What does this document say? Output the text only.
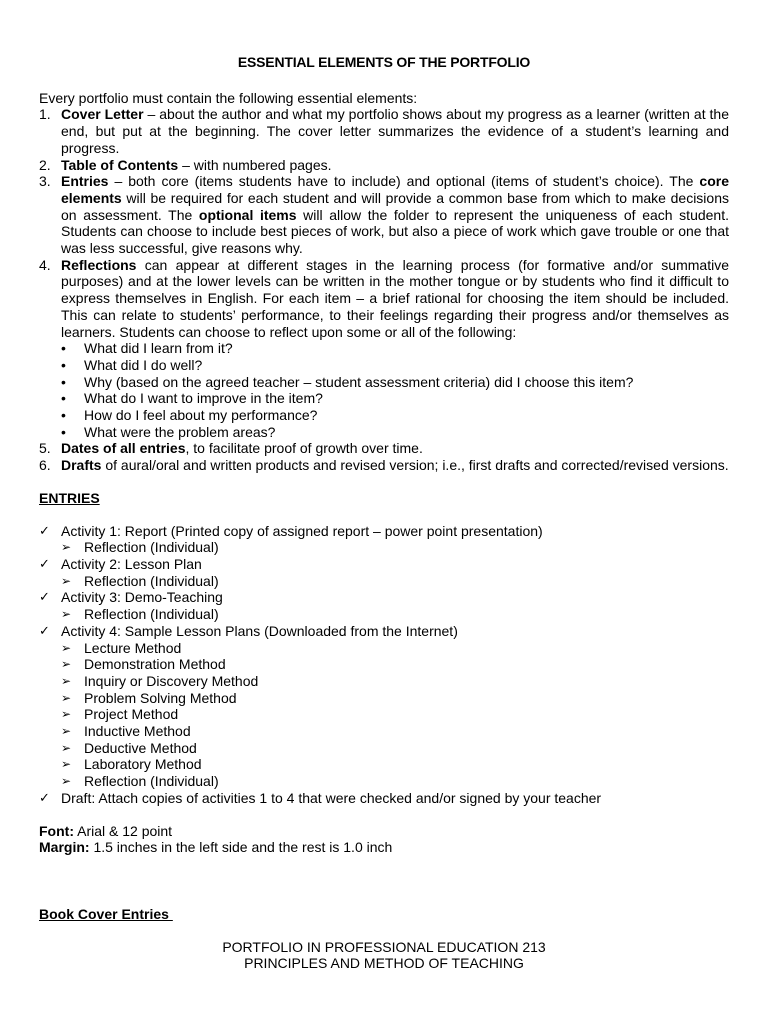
ESSENTIAL ELEMENTS OF THE PORTFOLIO

Every portfolio must contain the following essential elements:

1. Cover Letter – about the author and what my portfolio shows about my progress as a learner (written at the end, but put at the beginning. The cover letter summarizes the evidence of a student’s learning and progress.
2. Table of Contents – with numbered pages.
3. Entries – both core (items students have to include) and optional (items of student’s choice). The core elements will be required for each student and will provide a common base from which to make decisions on assessment. The optional items will allow the folder to represent the uniqueness of each student. Students can choose to include best pieces of work, but also a piece of work which gave trouble or one that was less successful, give reasons why.
4. Reflections can appear at different stages in the learning process (for formative and/or summative purposes) and at the lower levels can be written in the mother tongue or by students who find it difficult to express themselves in English. For each item – a brief rational for choosing the item should be included. This can relate to students’ performance, to their feelings regarding their progress and/or themselves as learners. Students can choose to reflect upon some or all of the following:
• What did I learn from it?
• What did I do well?
• Why (based on the agreed teacher – student assessment criteria) did I choose this item?
• What do I want to improve in the item?
• How do I feel about my performance?
• What were the problem areas?
5. Dates of all entries, to facilitate proof of growth over time.
6. Drafts of aural/oral and written products and revised version; i.e., first drafts and corrected/revised versions.

ENTRIES

✓ Activity 1: Report (Printed copy of assigned report – power point presentation)
➢ Reflection (Individual)
✓ Activity 2: Lesson Plan
➢ Reflection (Individual)
✓ Activity 3: Demo-Teaching
➢ Reflection (Individual)
✓ Activity 4: Sample Lesson Plans (Downloaded from the Internet)
➢ Lecture Method
➢ Demonstration Method
➢ Inquiry or Discovery Method
➢ Problem Solving Method
➢ Project Method
➢ Inductive Method
➢ Deductive Method
➢ Laboratory Method
➢ Reflection (Individual)
✓ Draft: Attach copies of activities 1 to 4 that were checked and/or signed by your teacher

Font: Arial & 12 point

Margin: 1.5 inches in the left side and the rest is 1.0 inch

Book Cover Entries

PORTFOLIO IN PROFESSIONAL EDUCATION 213

PRINCIPLES AND METHOD OF TEACHING
